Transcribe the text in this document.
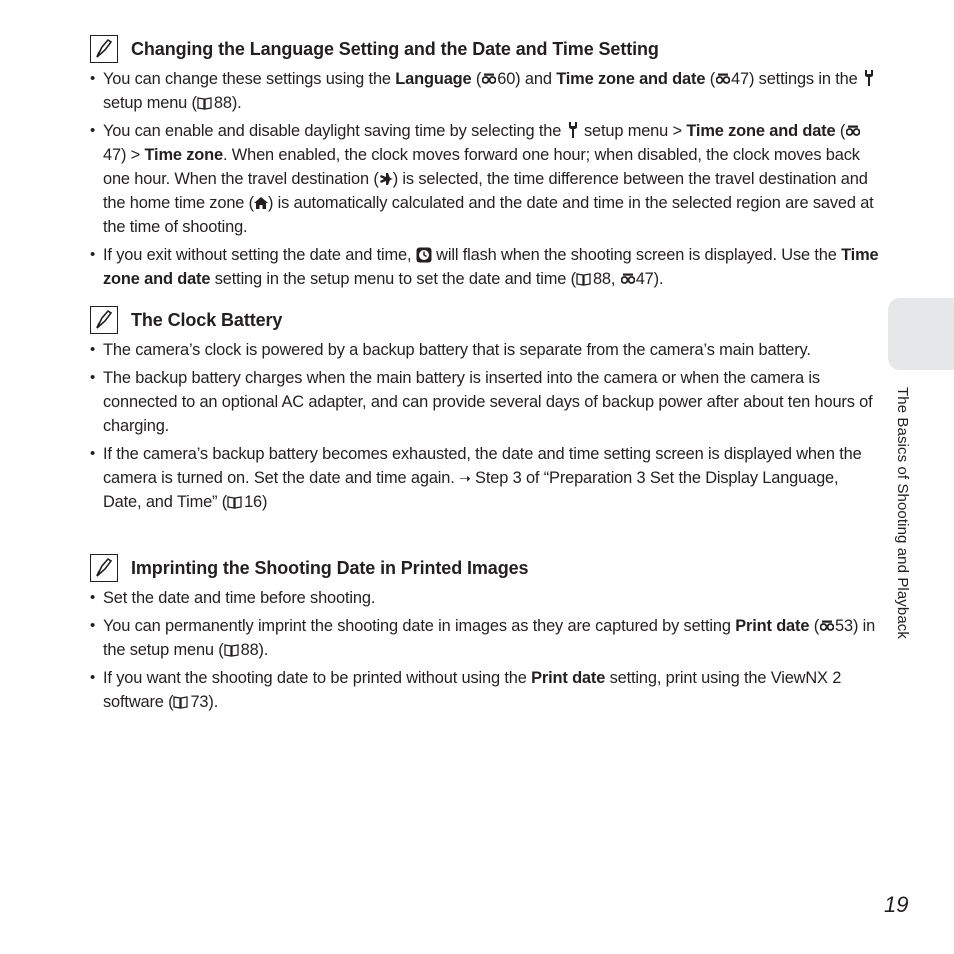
Changing the Language Setting and the Date and Time Setting
• You can change these settings using the Language ( 60) and Time zone and date ( 47) settings in the  setup menu ( 88).
• You can enable and disable daylight saving time by selecting the  setup menu > Time zone and date (47) > Time zone. When enabled, the clock moves forward one hour; when disabled, the clock moves back one hour. When the travel destination ( ) is selected, the time difference between the travel destination and the home time zone ( ) is automatically calculated and the date and time in the selected region are saved at the time of shooting.
• If you exit without setting the date and time,  will flash when the shooting screen is displayed. Use the Time zone and date setting in the setup menu to set the date and time ( 88, 47).
The Clock Battery
• The camera’s clock is powered by a backup battery that is separate from the camera’s main battery.
• The backup battery charges when the main battery is inserted into the camera or when the camera is connected to an optional AC adapter, and can provide several days of backup power after about ten hours of charging.
• If the camera’s backup battery becomes exhausted, the date and time setting screen is displayed when the camera is turned on. Set the date and time again. ➝ Step 3 of “Preparation 3 Set the Display Language, Date, and Time” ( 16)
Imprinting the Shooting Date in Printed Images
• Set the date and time before shooting.
• You can permanently imprint the shooting date in images as they are captured by setting Print date ( 53) in the setup menu ( 88).
• If you want the shooting date to be printed without using the Print date setting, print using the ViewNX 2 software ( 73).
The Basics of Shooting and Playback
19
